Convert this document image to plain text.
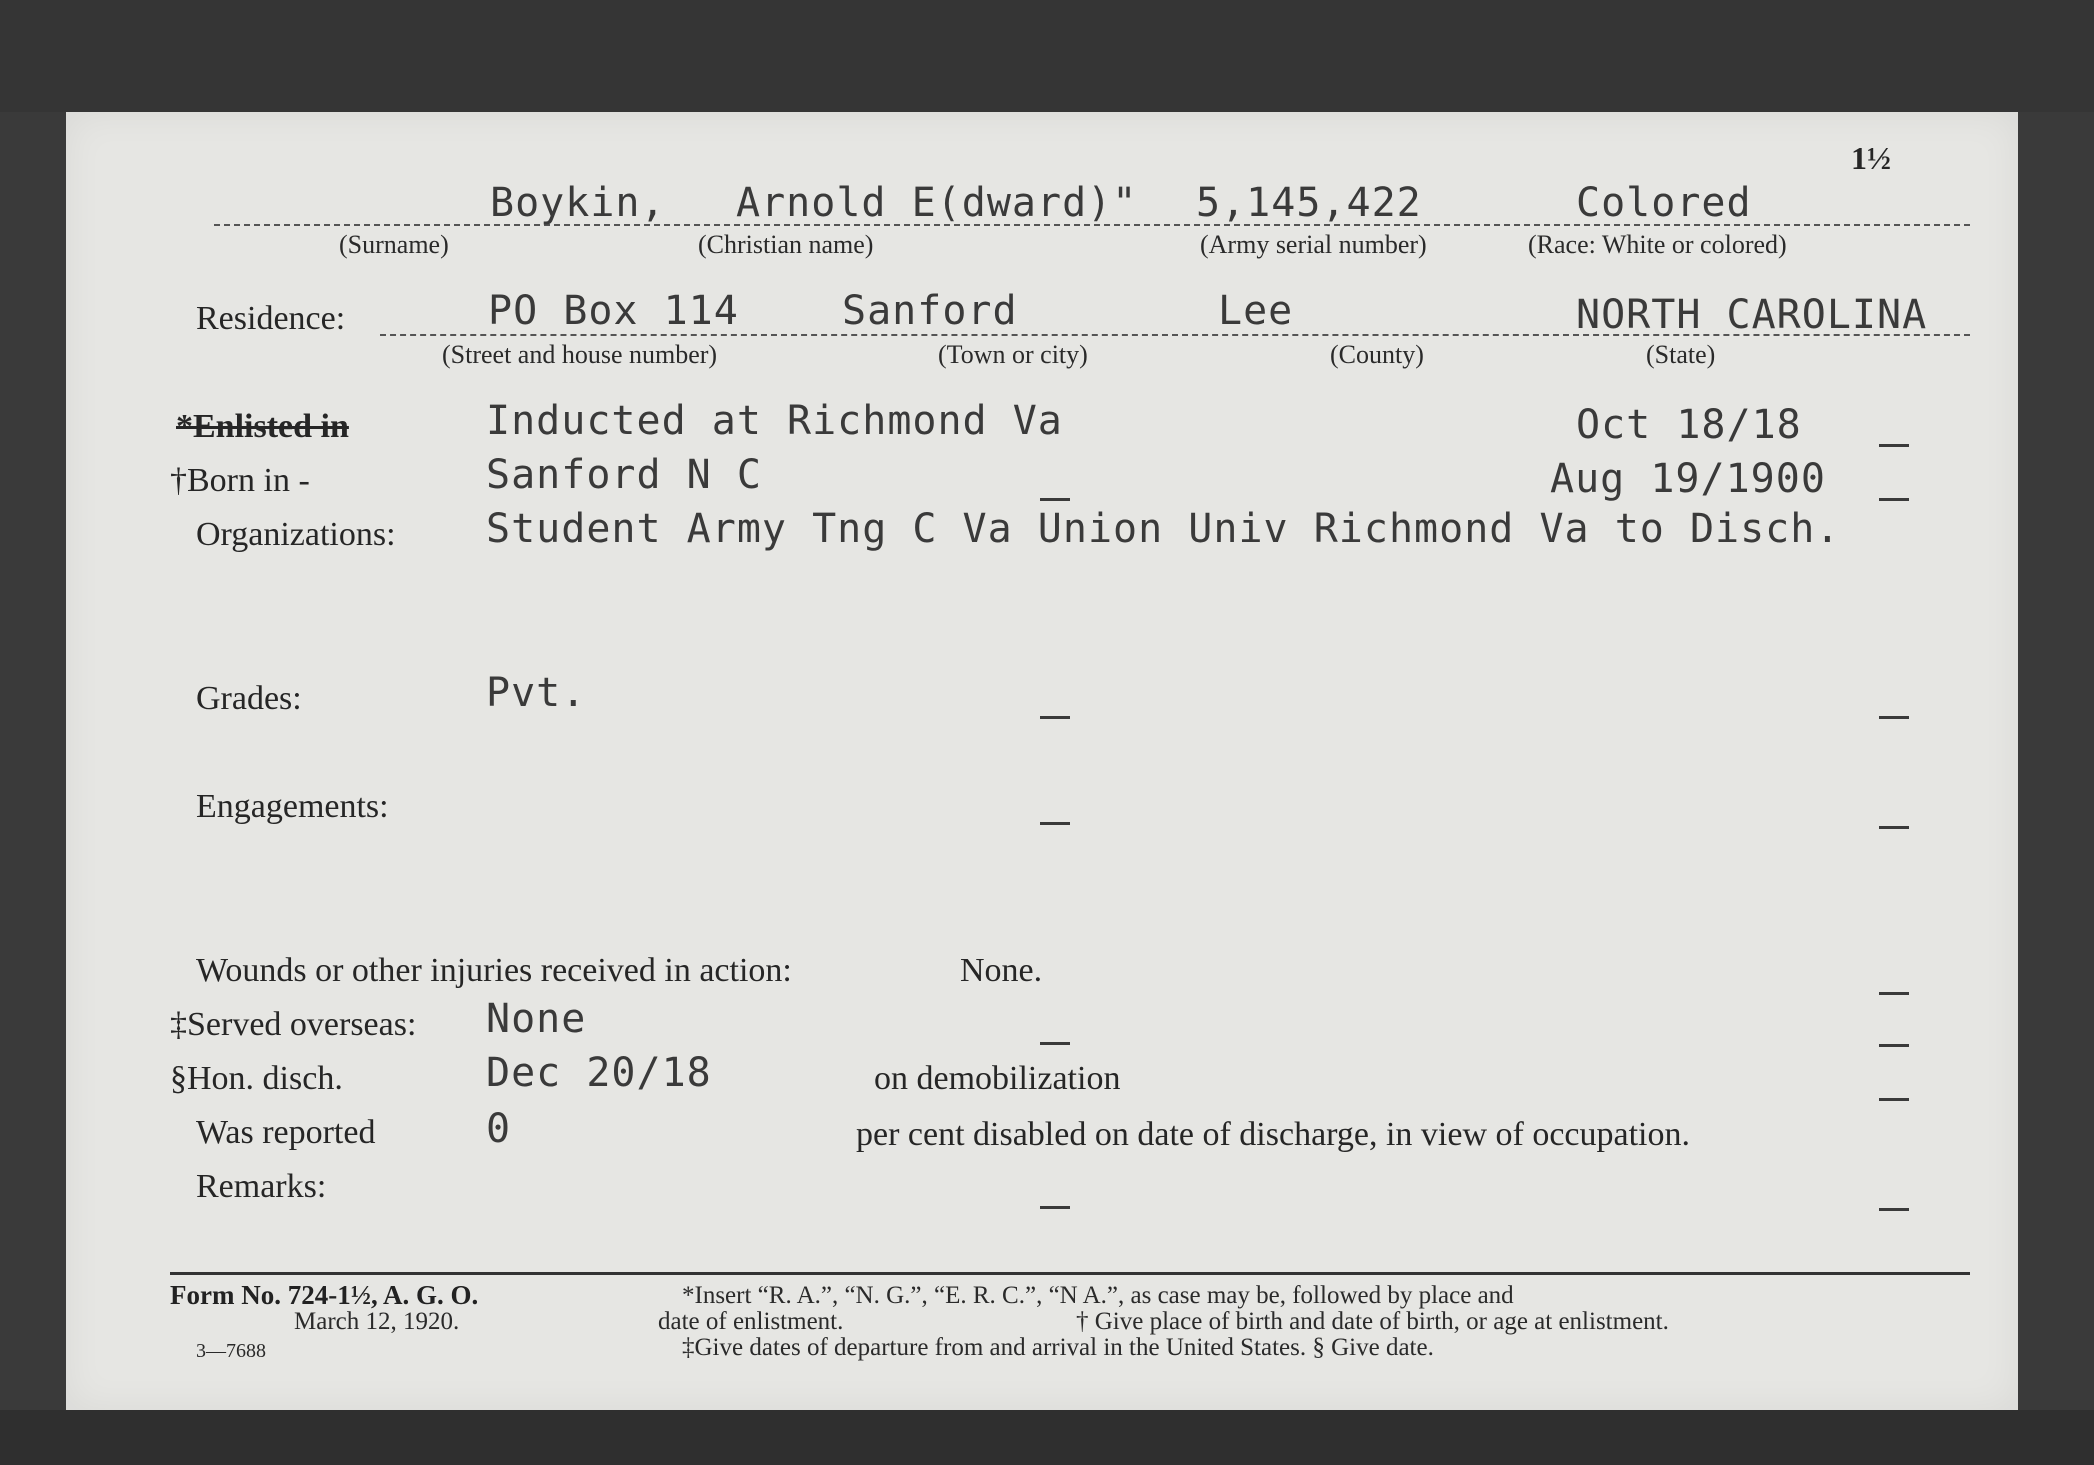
1½
Boykin, Arnold E(dward)" 5,145,422	Colored
(Surname)	(Christian name)	(Army serial number)	(Race: White or colored)
Residence:	PO Box 114	Sanford	Lee	NORTH CAROLINA
(Street and house number)	(Town or city)	(County)	(State)
*Enlisted in	Inducted at Richmond Va	Oct 18/18
†Born in -	Sanford N C	Aug 19/1900
Organizations: Student Army Tng C Va Union Univ Richmond Va to Disch.
Grades:	Pvt.
Engagements:
Wounds or other injuries received in action:	None.
‡Served overseas: None
§Hon. disch.	Dec 20/18	on demobilization
Was reported	0	per cent disabled on date of discharge, in view of occupation.
Remarks:
Form No. 724-1½, A. G. O.
March 12, 1920.
3—7688
*Insert “R. A.”, “N. G.”, “E. R. C.”, “N A.”, as case may be, followed by place and
date of enlistment.	† Give place of birth and date of birth, or age at enlistment.
‡Give dates of departure from and arrival in the United States. § Give date.
